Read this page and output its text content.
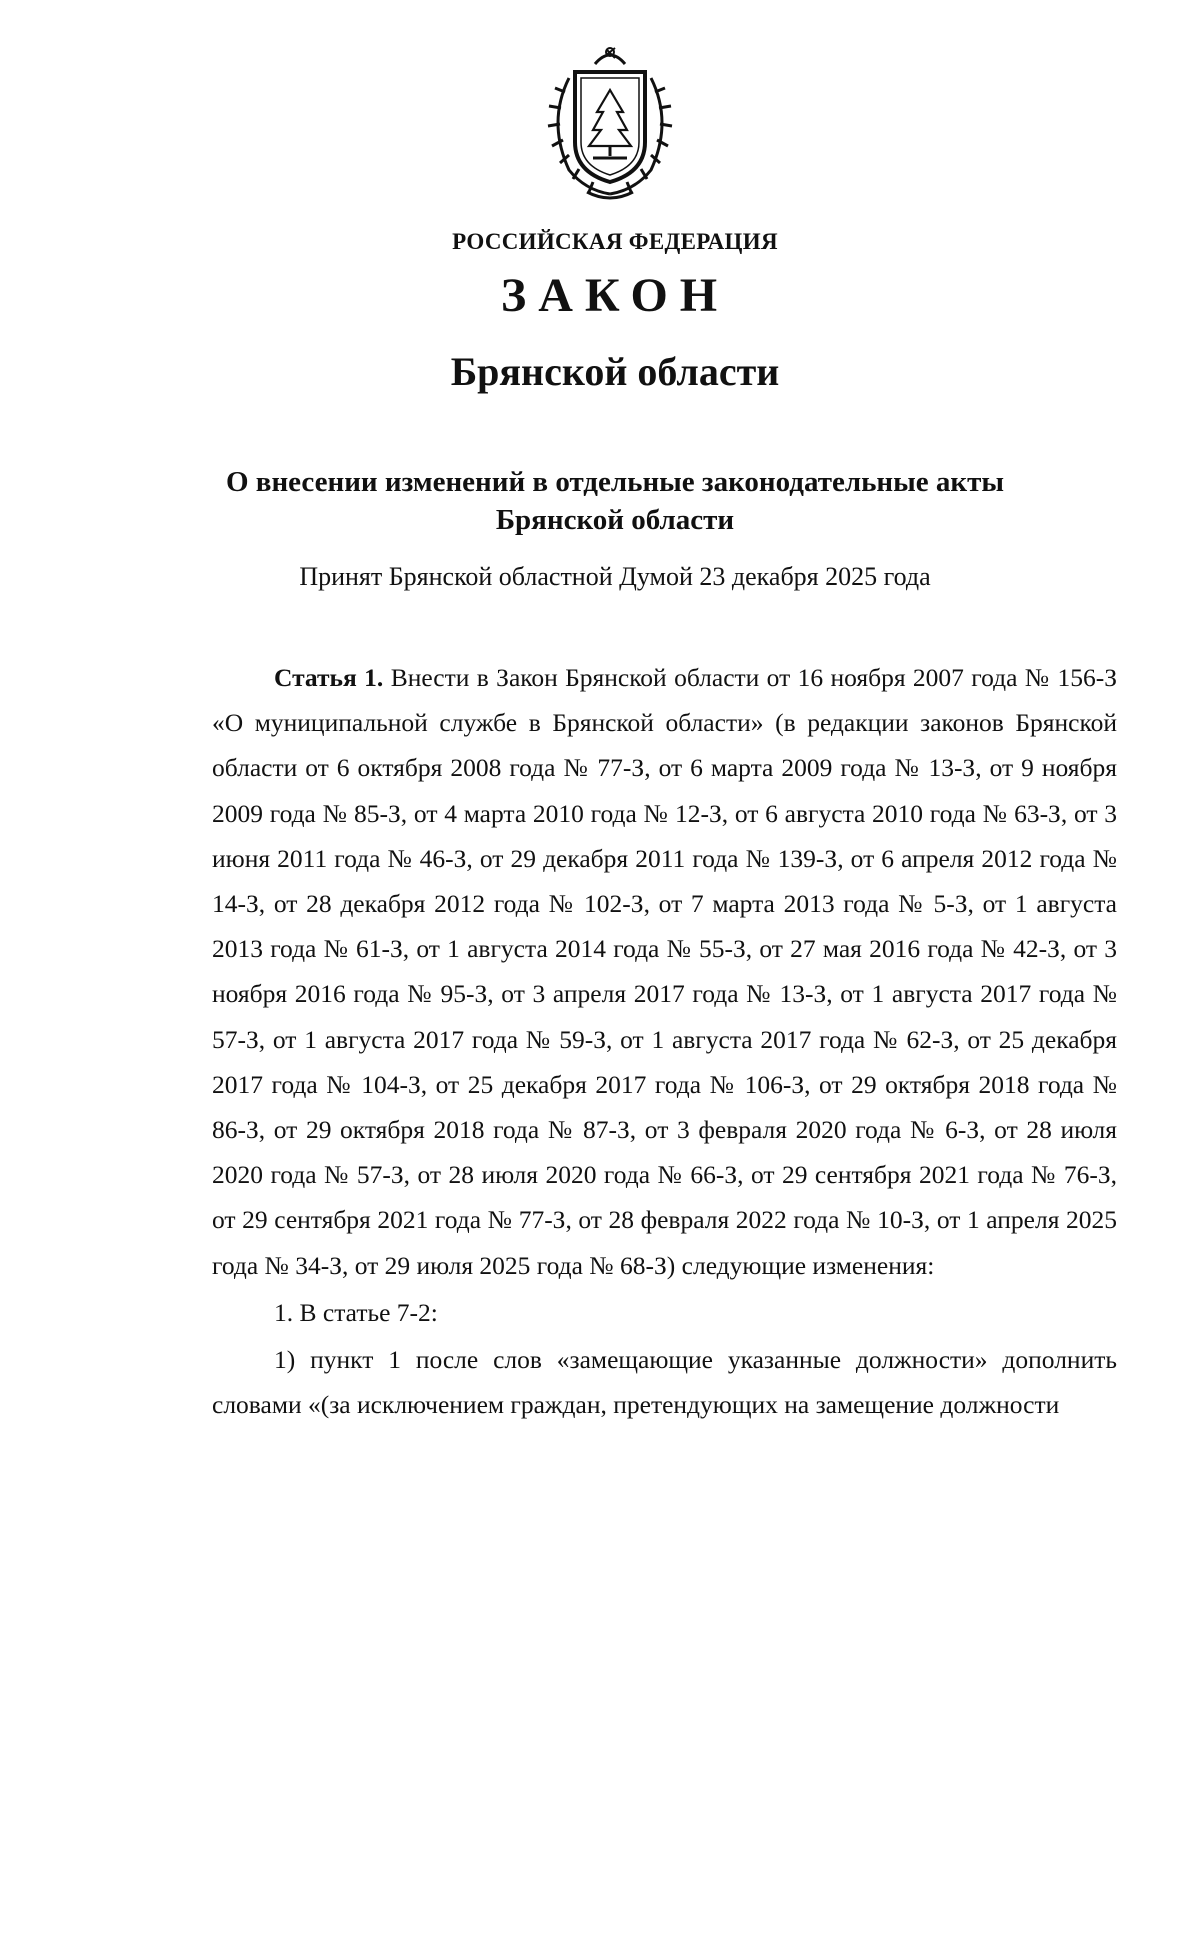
РОССИЙСКАЯ ФЕДЕРАЦИЯ
ЗАКОН
Брянской области
О внесении изменений в отдельные законодательные акты
Брянской области
Принят Брянской областной Думой 23 декабря 2025 года

Статья 1. Внести в Закон Брянской области от 16 ноября 2007 года № 156-З «О муниципальной службе в Брянской области» (в редакции законов Брянской области от 6 октября 2008 года № 77-З, от 6 марта 2009 года № 13-З, от 9 ноября 2009 года № 85-З, от 4 марта 2010 года № 12-З, от 6 августа 2010 года № 63-З, от 3 июня 2011 года № 46-З, от 29 декабря 2011 года № 139-З, от 6 апреля 2012 года № 14-З, от 28 декабря 2012 года № 102-З, от 7 марта 2013 года № 5-З, от 1 августа 2013 года № 61-З, от 1 августа 2014 года № 55-З, от 27 мая 2016 года № 42-З, от 3 ноября 2016 года № 95-З, от 3 апреля 2017 года № 13-З, от 1 августа 2017 года № 57-З, от 1 августа 2017 года № 59-З, от 1 августа 2017 года № 62-З, от 25 декабря 2017 года № 104-З, от 25 декабря 2017 года № 106-З, от 29 октября 2018 года № 86-З, от 29 октября 2018 года № 87-З, от 3 февраля 2020 года № 6-З, от 28 июля 2020 года № 57-З, от 28 июля 2020 года № 66-З, от 29 сентября 2021 года № 76-З, от 29 сентября 2021 года № 77-З, от 28 февраля 2022 года № 10-З, от 1 апреля 2025 года № 34-З, от 29 июля 2025 года № 68-З) следующие изменения:

1. В статье 7-2:

1) пункт 1 после слов «замещающие указанные должности» дополнить словами «(за исключением граждан, претендующих на замещение должности
